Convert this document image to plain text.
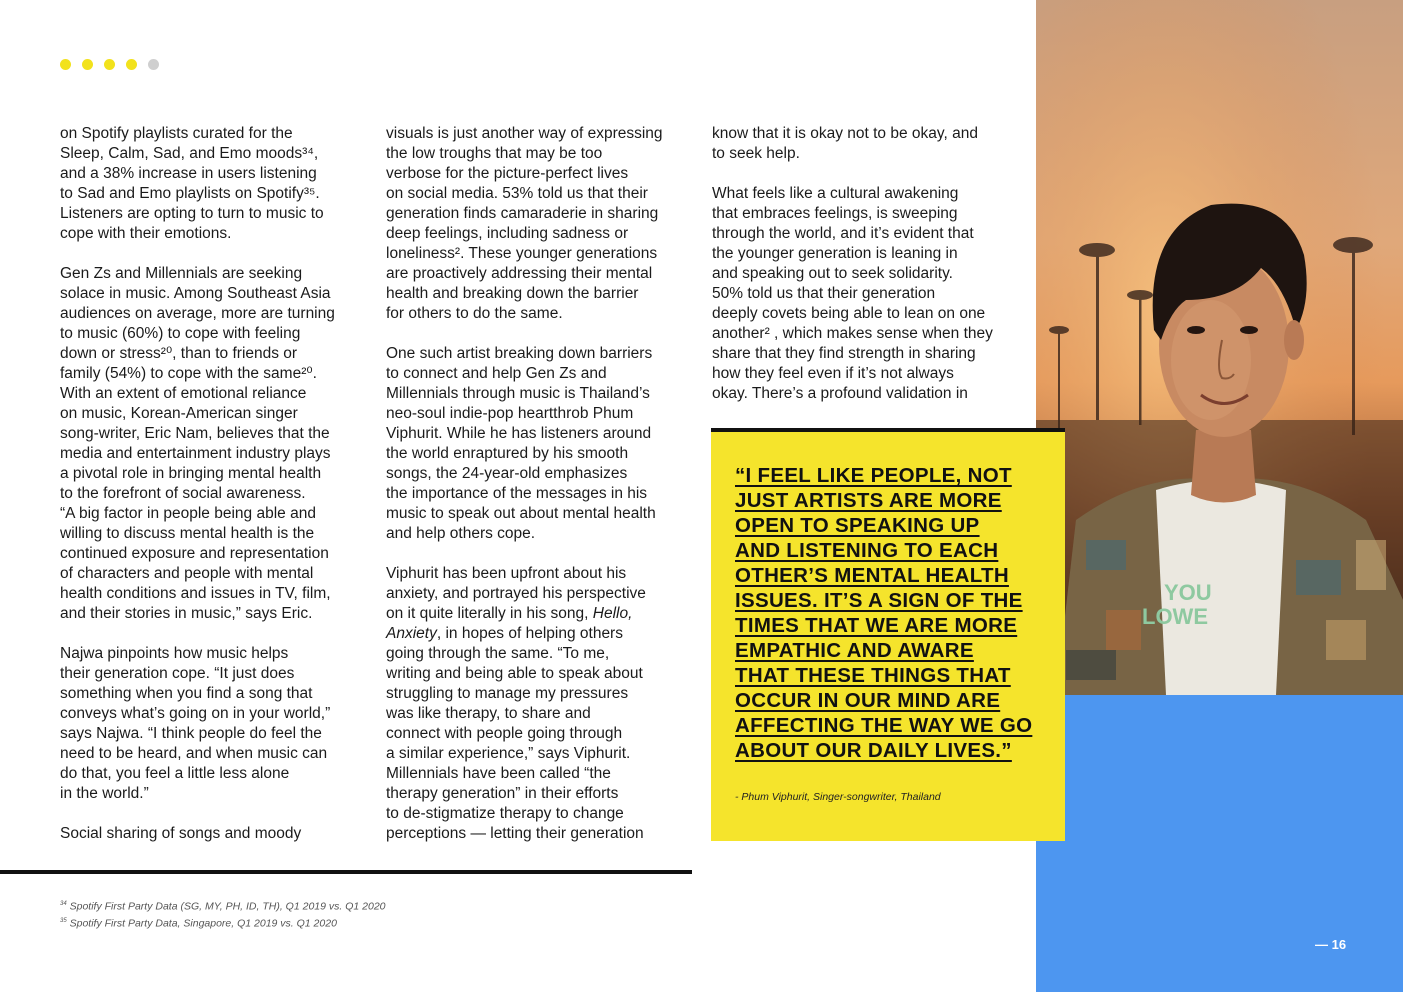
on Spotify playlists curated for the
Sleep, Calm, Sad, and Emo moods³⁴,
and a 38% increase in users listening
to Sad and Emo playlists on Spotify³⁵.
Listeners are opting to turn to music to
cope with their emotions.

Gen Zs and Millennials are seeking
solace in music. Among Southeast Asia
audiences on average, more are turning
to music (60%) to cope with feeling
down or stress²⁰, than to friends or
family (54%) to cope with the same²⁰.
With an extent of emotional reliance
on music, Korean-American singer
song-writer, Eric Nam, believes that the
media and entertainment industry plays
a pivotal role in bringing mental health
to the forefront of social awareness.
“A big factor in people being able and
willing to discuss mental health is the
continued exposure and representation
of characters and people with mental
health conditions and issues in TV, film,
and their stories in music,” says Eric.

Najwa pinpoints how music helps
their generation cope. “It just does
something when you find a song that
conveys what’s going on in your world,”
says Najwa. “I think people do feel the
need to be heard, and when music can
do that, you feel a little less alone
in the world.”

Social sharing of songs and moody

visuals is just another way of expressing
the low troughs that may be too
verbose for the picture-perfect lives
on social media. 53% told us that their
generation finds camaraderie in sharing
deep feelings, including sadness or
loneliness². These younger generations
are proactively addressing their mental
health and breaking down the barrier
for others to do the same.

One such artist breaking down barriers
to connect and help Gen Zs and
Millennials through music is Thailand’s
neo-soul indie-pop heartthrob Phum
Viphurit. While he has listeners around
the world enraptured by his smooth
songs, the 24-year-old emphasizes
the importance of the messages in his
music to speak out about mental health
and help others cope.

Viphurit has been upfront about his
anxiety, and portrayed his perspective
on it quite literally in his song, Hello,
Anxiety, in hopes of helping others
going through the same. “To me,
writing and being able to speak about
struggling to manage my pressures
was like therapy, to share and
connect with people going through
a similar experience,” says Viphurit.
Millennials have been called “the
therapy generation” in their efforts
to de-stigmatize therapy to change
perceptions — letting their generation

know that it is okay not to be okay, and
to seek help.

What feels like a cultural awakening
that embraces feelings, is sweeping
through the world, and it’s evident that
the younger generation is leaning in
and speaking out to seek solidarity.
50% told us that their generation
deeply covets being able to lean on one
another² , which makes sense when they
share that they find strength in sharing
how they feel even if it’s not always
okay. There’s a profound validation in

$^{34}$ Spotify First Party Data (SG, MY, PH, ID, TH), Q1 2019 vs. Q1 2020
$^{35}$ Spotify First Party Data, Singapore, Q1 2019 vs. Q1 2020
YOU
LOWE
“I FEEL LIKE PEOPLE, NOT
JUST ARTISTS ARE MORE
OPEN TO SPEAKING UP
AND LISTENING TO EACH
OTHER’S MENTAL HEALTH
ISSUES. IT’S A SIGN OF THE
TIMES THAT WE ARE MORE
EMPATHIC AND AWARE
THAT THESE THINGS THAT
OCCUR IN OUR MIND ARE
AFFECTING THE WAY WE GO
ABOUT OUR DAILY LIVES.”
- Phum Viphurit, Singer-songwriter, Thailand
— 16
